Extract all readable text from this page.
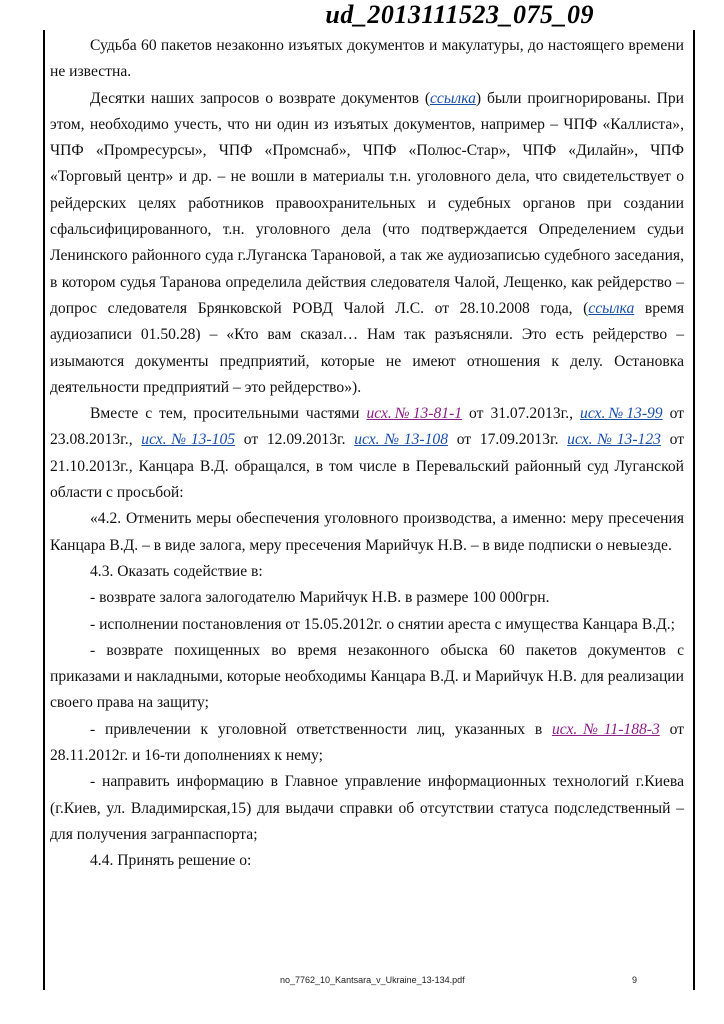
ud_2013111523_075_09

Судьба 60 пакетов незаконно изъятых документов и макулатуры, до настоящего времени не известна.

Десятки наших запросов о возврате документов (ссылка) были проигнорированы. При этом, необходимо учесть, что ни один из изъятых документов, например – ЧПФ «Каллиста», ЧПФ «Промресурсы», ЧПФ «Промснаб», ЧПФ «Полюс-Стар», ЧПФ «Дилайн», ЧПФ «Торговый центр» и др. – не вошли в материалы т.н. уголовного дела, что свидетельствует о рейдерских целях работников правоохранительных и судебных органов при создании сфальсифицированного, т.н. уголовного дела (что подтверждается Определением судьи Ленинского районного суда г.Луганска Тарановой, а так же аудиозаписью судебного заседания, в котором судья Таранова определила действия следователя Чалой, Лещенко, как рейдерство – допрос следователя Брянковской РОВД Чалой Л.С. от 28.10.2008 года, (ссылка время аудиозаписи 01.50.28) – «Кто вам сказал… Нам так разъясняли. Это есть рейдерство – изымаются документы предприятий, которые не имеют отношения к делу. Остановка деятельности предприятий – это рейдерство»).

Вместе с тем, просительными частями исх.№13-81-1 от 31.07.2013г., исх.№13-99 от 23.08.2013г., исх.№13-105 от 12.09.2013г. исх.№13-108 от 17.09.2013г. исх.№13-123 от 21.10.2013г., Канцара В.Д. обращался, в том числе в Перевальский районный суд Луганской области с просьбой:

«4.2. Отменить меры обеспечения уголовного производства, а именно: меру пресечения Канцара В.Д. – в виде залога, меру пресечения Марийчук Н.В. – в виде подписки о невыезде.

4.3. Оказать содействие в:

- возврате залога залогодателю Марийчук Н.В. в размере 100 000грн.

- исполнении постановления от 15.05.2012г. о снятии ареста с имущества Канцара В.Д.;

- возврате похищенных во время незаконного обыска 60 пакетов документов с приказами и накладными, которые необходимы Канцара В.Д. и Марийчук Н.В. для реализации своего права на защиту;

- привлечении к уголовной ответственности лиц, указанных в исх.№11-188-3 от 28.11.2012г. и 16-ти дополнениях к нему;

- направить информацию в Главное управление информационных технологий г.Киева (г.Киев, ул. Владимирская,15) для выдачи справки об отсутствии статуса подследственный – для получения загранпаспорта;

4.4. Принять решение о:

no_7762_10_Kantsara_v_Ukraine_13-134.pdf	9
